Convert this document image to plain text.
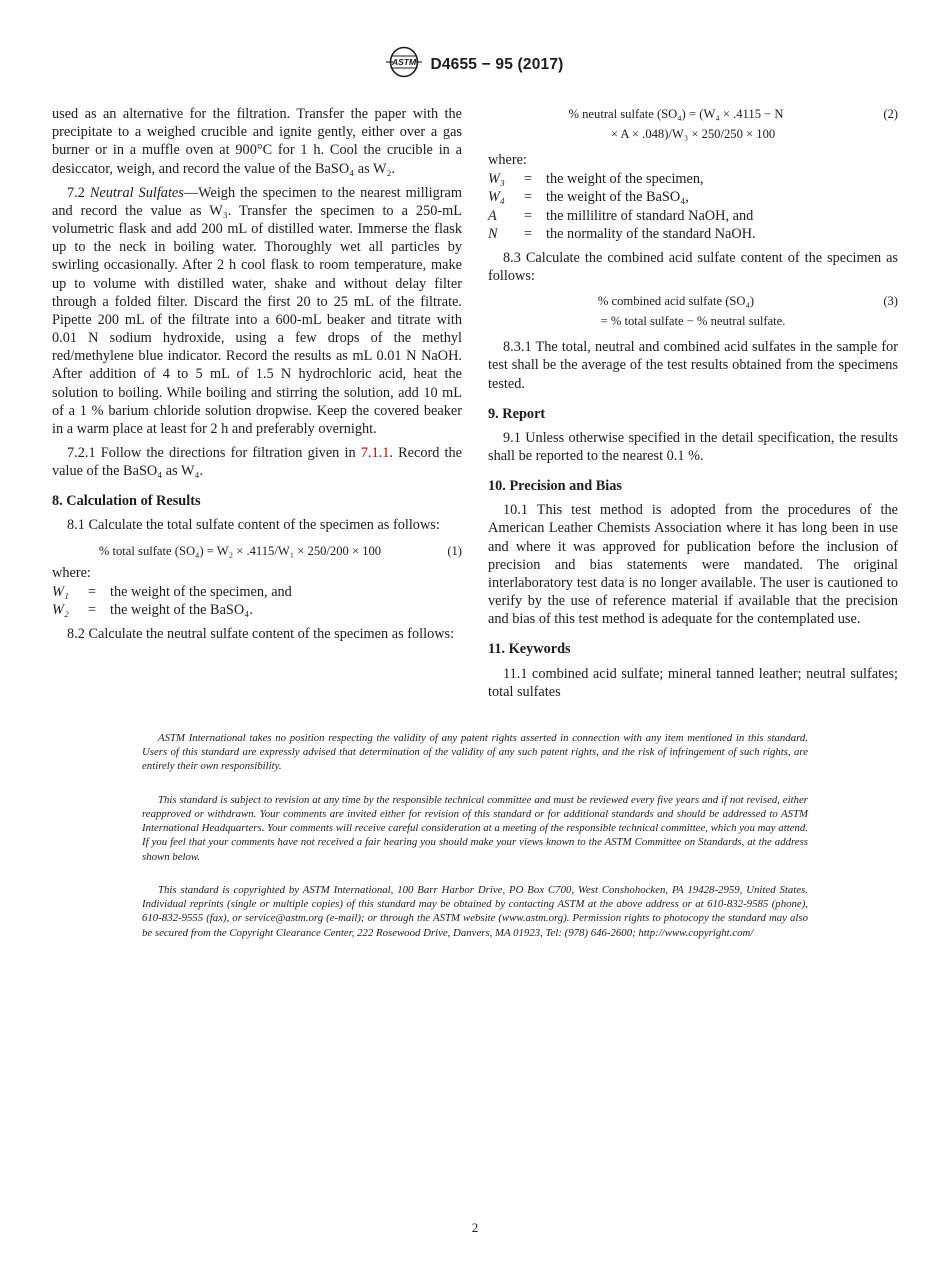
ASTM D4655 − 95 (2017)

used as an alternative for the filtration. Transfer the paper with the precipitate to a weighed crucible and ignite gently, either over a gas burner or in a muffle oven at 900°C for 1 h. Cool the crucible in a desiccator, weigh, and record the value of the BaSO₄ as W₂.

7.2 Neutral Sulfates—Weigh the specimen to the nearest milligram and record the value as W₃. Transfer the specimen to a 250-mL volumetric flask and add 200 mL of distilled water. Immerse the flask up to the neck in boiling water. Thoroughly wet all particles by swirling occasionally. After 2 h cool flask to room temperature, make up to volume with distilled water, shake and without delay filter through a folded filter. Discard the first 20 to 25 mL of the filtrate. Pipette 200 mL of the filtrate into a 600-mL beaker and titrate with 0.01 N sodium hydroxide, using a few drops of the methyl red/methylene blue indicator. Record the results as mL 0.01 N NaOH. After addition of 4 to 5 mL of 1.5 N hydrochloric acid, heat the solution to boiling. While boiling and stirring the solution, add 10 mL of a 1 % barium chloride solution dropwise. Keep the covered beaker in a warm place at least for 2 h and preferably overnight.

7.2.1 Follow the directions for filtration given in 7.1.1. Record the value of the BaSO₄ as W₄.

8. Calculation of Results

8.1 Calculate the total sulfate content of the specimen as follows:

% total sulfate (SO₄) = W₂ × .4115/W₁ × 250/200 × 100	(1)

where:

W₁	= the weight of the specimen, and
W₂	= the weight of the BaSO₄.

8.2 Calculate the neutral sulfate content of the specimen as follows:

% neutral sulfate (SO₄) = (W₄ × .4115 − N	(2)
× A × .048)/W₃ × 250/250 × 100

where:

W₃	= the weight of the specimen,
W₄	= the weight of the BaSO₄,
A	= the millilitre of standard NaOH, and
N	= the normality of the standard NaOH.

8.3 Calculate the combined acid sulfate content of the specimen as follows:

% combined acid sulfate (SO₄)	(3)
= % total sulfate − % neutral sulfate.

8.3.1 The total, neutral and combined acid sulfates in the sample for test shall be the average of the test results obtained from the specimens tested.

9. Report

9.1 Unless otherwise specified in the detail specification, the results shall be reported to the nearest 0.1 %.

10. Precision and Bias

10.1 This test method is adopted from the procedures of the American Leather Chemists Association where it has long been in use and where it was approved for publication before the inclusion of precision and bias statements were mandated. The original interlaboratory test data is no longer available. The user is cautioned to verify by the use of reference material if available that the precision and bias of this test method is adequate for the contemplated use.

11. Keywords

11.1 combined acid sulfate; mineral tanned leather; neutral sulfates; total sulfates

ASTM International takes no position respecting the validity of any patent rights asserted in connection with any item mentioned in this standard. Users of this standard are expressly advised that determination of the validity of any such patent rights, and the risk of infringement of such rights, are entirely their own responsibility.

This standard is subject to revision at any time by the responsible technical committee and must be reviewed every five years and if not revised, either reapproved or withdrawn. Your comments are invited either for revision of this standard or for additional standards and should be addressed to ASTM International Headquarters. Your comments will receive careful consideration at a meeting of the responsible technical committee, which you may attend. If you feel that your comments have not received a fair hearing you should make your views known to the ASTM Committee on Standards, at the address shown below.

This standard is copyrighted by ASTM International, 100 Barr Harbor Drive, PO Box C700, West Conshohocken, PA 19428-2959, United States. Individual reprints (single or multiple copies) of this standard may be obtained by contacting ASTM at the above address or at 610-832-9585 (phone), 610-832-9555 (fax), or service@astm.org (e-mail); or through the ASTM website (www.astm.org). Permission rights to photocopy the standard may also be secured from the Copyright Clearance Center, 222 Rosewood Drive, Danvers, MA 01923, Tel: (978) 646-2600; http://www.copyright.com/

2
